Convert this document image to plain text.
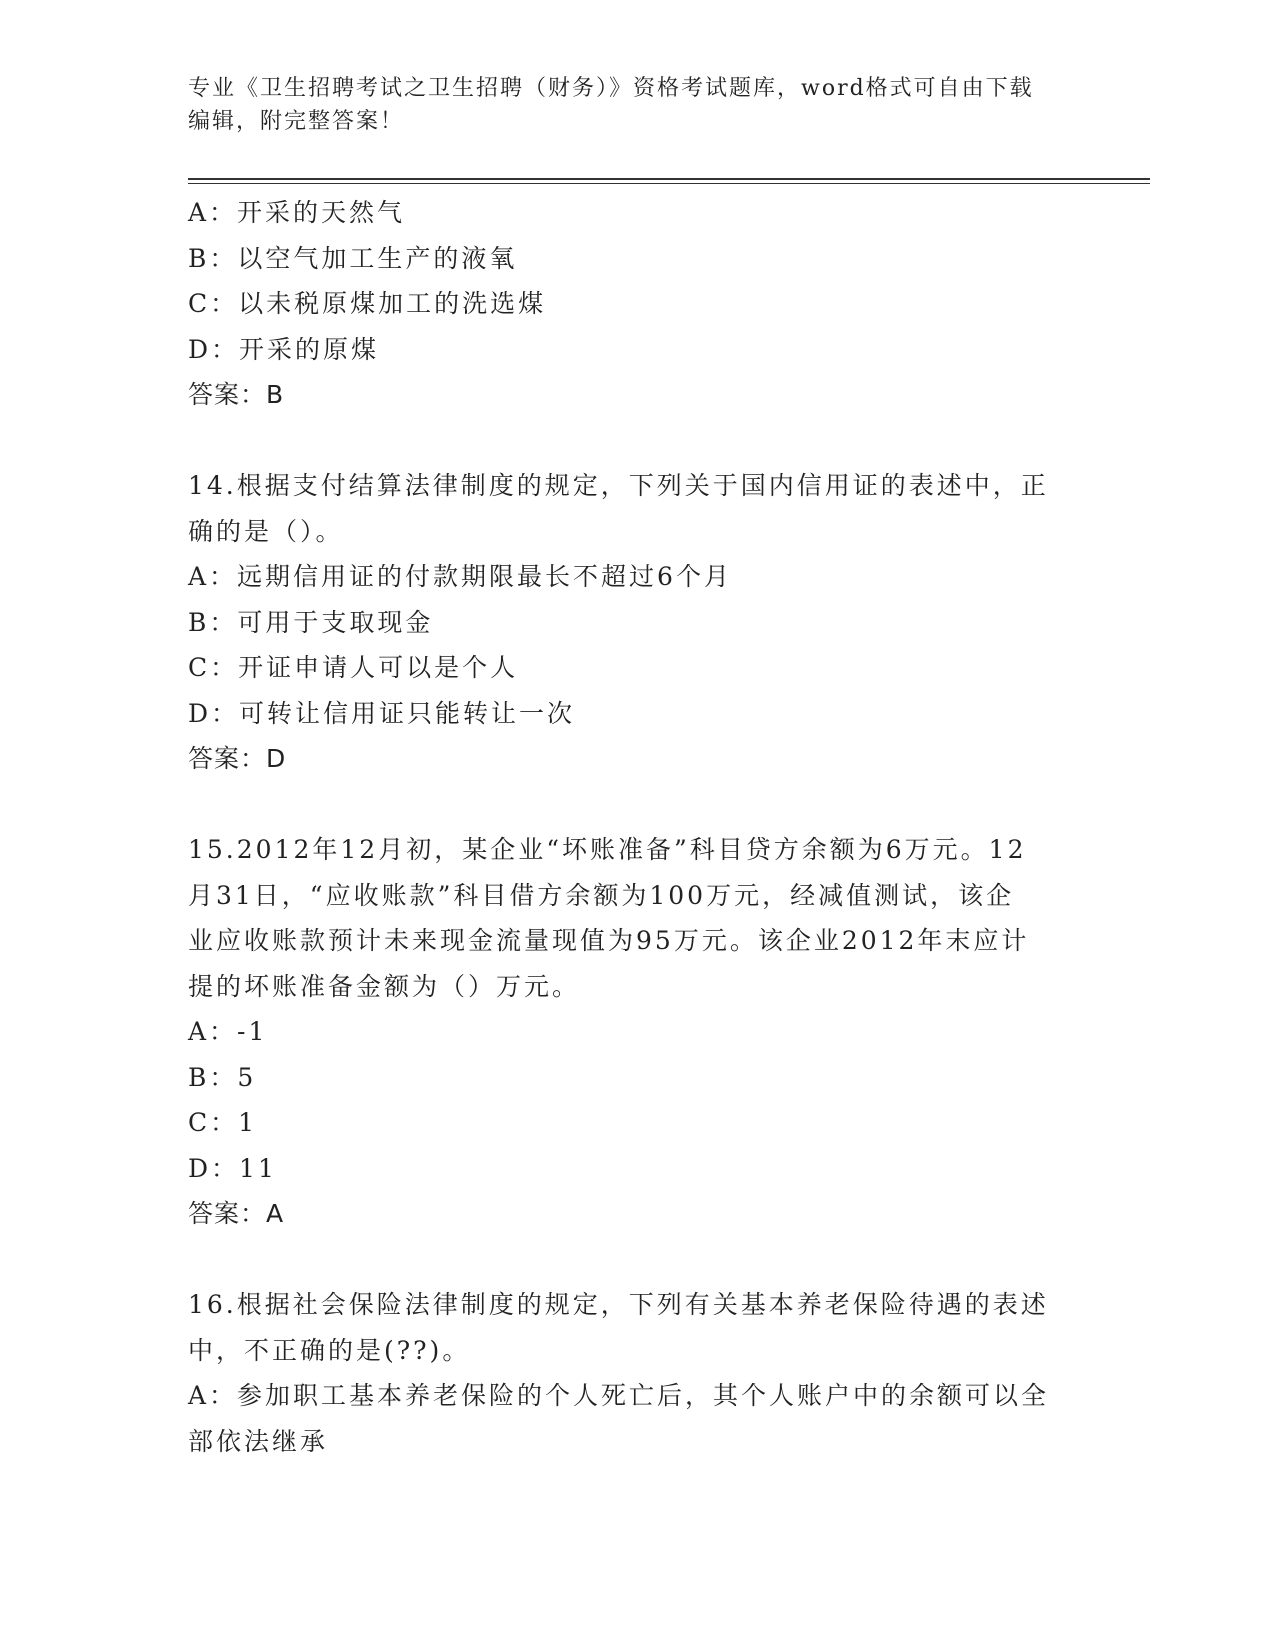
专业《卫生招聘考试之卫生招聘（财务）》资格考试题库，word格式可自由下载
编辑，附完整答案！
A：开采的天然气
B：以空气加工生产的液氧
C：以未税原煤加工的洗选煤
D：开采的原煤
答案：B
14.根据支付结算法律制度的规定，下列关于国内信用证的表述中，正
确的是（）。
A：远期信用证的付款期限最长不超过6个月
B：可用于支取现金
C：开证申请人可以是个人
D：可转让信用证只能转让一次
答案：D
15.2012年12月初，某企业“坏账准备”科目贷方余额为6万元。12
月31日，“应收账款”科目借方余额为100万元，经减值测试，该企
业应收账款预计未来现金流量现值为95万元。该企业2012年末应计
提的坏账准备金额为（）万元。
A：-1
B：5
C：1
D：11
答案：A
16.根据社会保险法律制度的规定，下列有关基本养老保险待遇的表述
中，不正确的是(??)。
A：参加职工基本养老保险的个人死亡后，其个人账户中的余额可以全
部依法继承
